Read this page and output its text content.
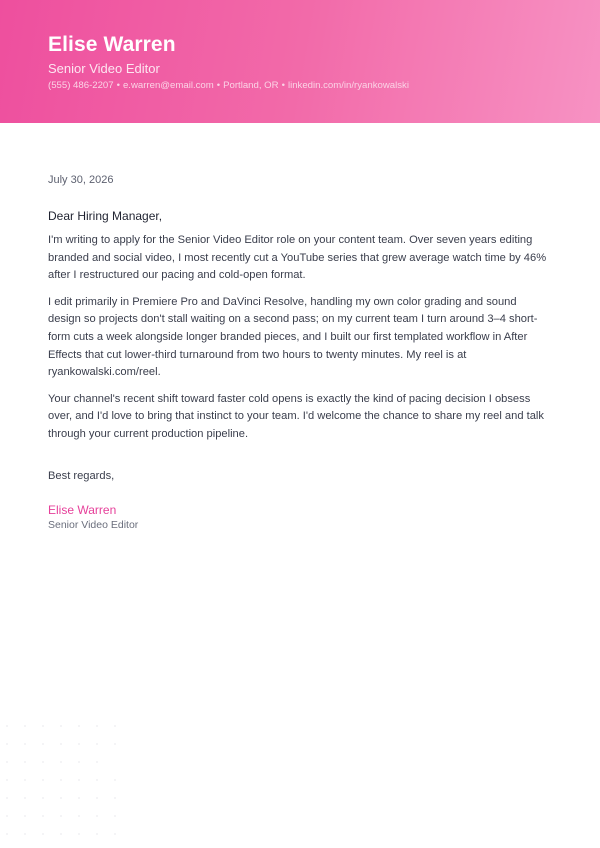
Elise Warren
Senior Video Editor
(555) 486-2207 • e.warren@email.com • Portland, OR • linkedin.com/in/ryankowalski
July 30, 2026
Dear Hiring Manager,

I'm writing to apply for the Senior Video Editor role on your content team. Over seven years editing branded and social video, I most recently cut a YouTube series that grew average watch time by 46% after I restructured our pacing and cold-open format.

I edit primarily in Premiere Pro and DaVinci Resolve, handling my own color grading and sound design so projects don't stall waiting on a second pass; on my current team I turn around 3–4 short-form cuts a week alongside longer branded pieces, and I built our first templated workflow in After Effects that cut lower-third turnaround from two hours to twenty minutes. My reel is at ryankowalski.com/reel.

Your channel's recent shift toward faster cold opens is exactly the kind of pacing decision I obsess over, and I'd love to bring that instinct to your team. I'd welcome the chance to share my reel and talk through your current production pipeline.

Best regards,
Elise Warren
Senior Video Editor
